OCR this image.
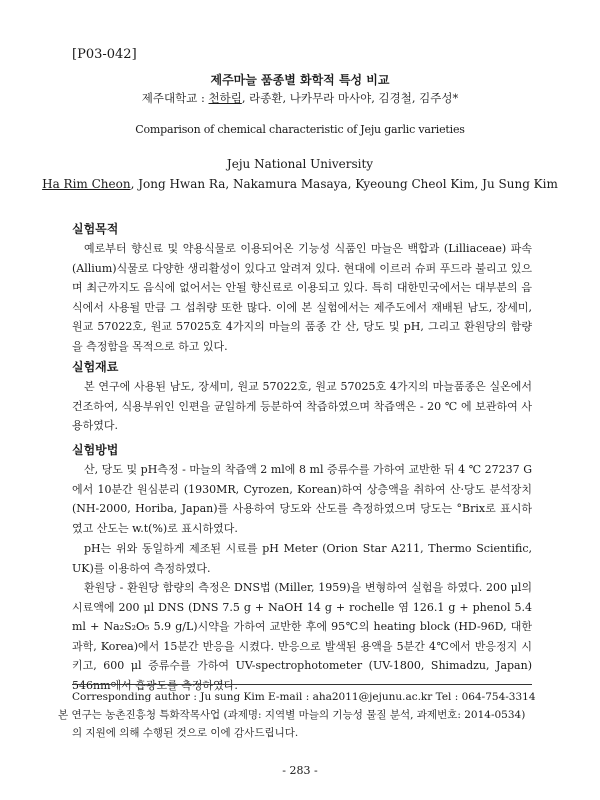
[P03-042]
제주마늘 품종별 화학적 특성 비교
제주대학교 : 천하림, 라종환, 나카무라 마사야, 김경철, 김주성*
Comparison of chemical characteristic of Jeju garlic varieties
Jeju National University
Ha Rim Cheon, Jong Hwan Ra, Nakamura Masaya, Kyeoung Cheol Kim, Ju Sung Kim
실험목적

예로부터 향신료 및 약용식물로 이용되어온 기능성 식품인 마늘은 백합과 (Lilliaceae) 파속 (Allium)식물로 다양한 생리활성이 있다고 알려져 있다. 현대에 이르러 슈퍼 푸드라 불리고 있으며 최근까지도 음식에 없어서는 안될 향신료로 이용되고 있다. 특히 대한민국에서는 대부분의 음식에서 사용될 만큼 그 섭취량 또한 많다. 이에 본 실험에서는 제주도에서 재배된 남도, 장세미, 원교 57022호, 원교 57025호 4가지의 마늘의 품종 간 산, 당도 및 pH, 그리고 환원당의 함량을 측정함을 목적으로 하고 있다.

실험재료

본 연구에 사용된 남도, 장세미, 원교 57022호, 원교 57025호 4가지의 마늘품종은 실온에서 건조하여, 식용부위인 인편을 균일하게 등분하여 착즙하였으며 착즙액은 - 20 ℃ 에 보관하여 사용하였다.

실험방법

산, 당도 및 pH측정 - 마늘의 착즙액 2 ml에 8 ml 증류수를 가하여 교반한 뒤 4 ℃ 27237 G에서 10분간 원심분리 (1930MR, Cyrozen, Korean)하여 상층액을 취하여 산·당도 분석장치 (NH-2000, Horiba, Japan)를 사용하여 당도와 산도를 측정하였으며 당도는 °Brix로 표시하였고 산도는 w.t(%)로 표시하였다.

pH는 위와 동일하게 제조된 시료를 pH Meter (Orion Star A211, Thermo Scientific, UK)를 이용하여 측정하였다.

환원당 - 환원당 함량의 측정은 DNS법 (Miller, 1959)을 변형하여 실험을 하였다. 200 μl의 시료액에 200 μl DNS (DNS 7.5 g + NaOH 14 g + rochelle 염 126.1 g + phenol 5.4 ml + Na₂S₂O₅ 5.9 g/L)시약을 가하여 교반한 후에 95℃의 heating block (HD-96D, 대한과학, Korea)에서 15분간 반응을 시켰다. 반응으로 발색된 용액을 5분간 4℃에서 반응정지 시키고, 600 μl 증류수를 가하여 UV-spectrophotometer (UV-1800, Shimadzu, Japan) 546nm에서 흡광도를 측정하였다.

Corresponding author : Ju sung Kim E-mail : aha2011@jejunu.ac.kr Tel : 064-754-3314
본 연구는 농촌진흥청 특화작목사업 (과제명: 지역별 마늘의 기능성 물질 분석, 과제번호: 2014-0534)
의 지원에 의해 수행된 것으로 이에 감사드립니다.
- 283 -
